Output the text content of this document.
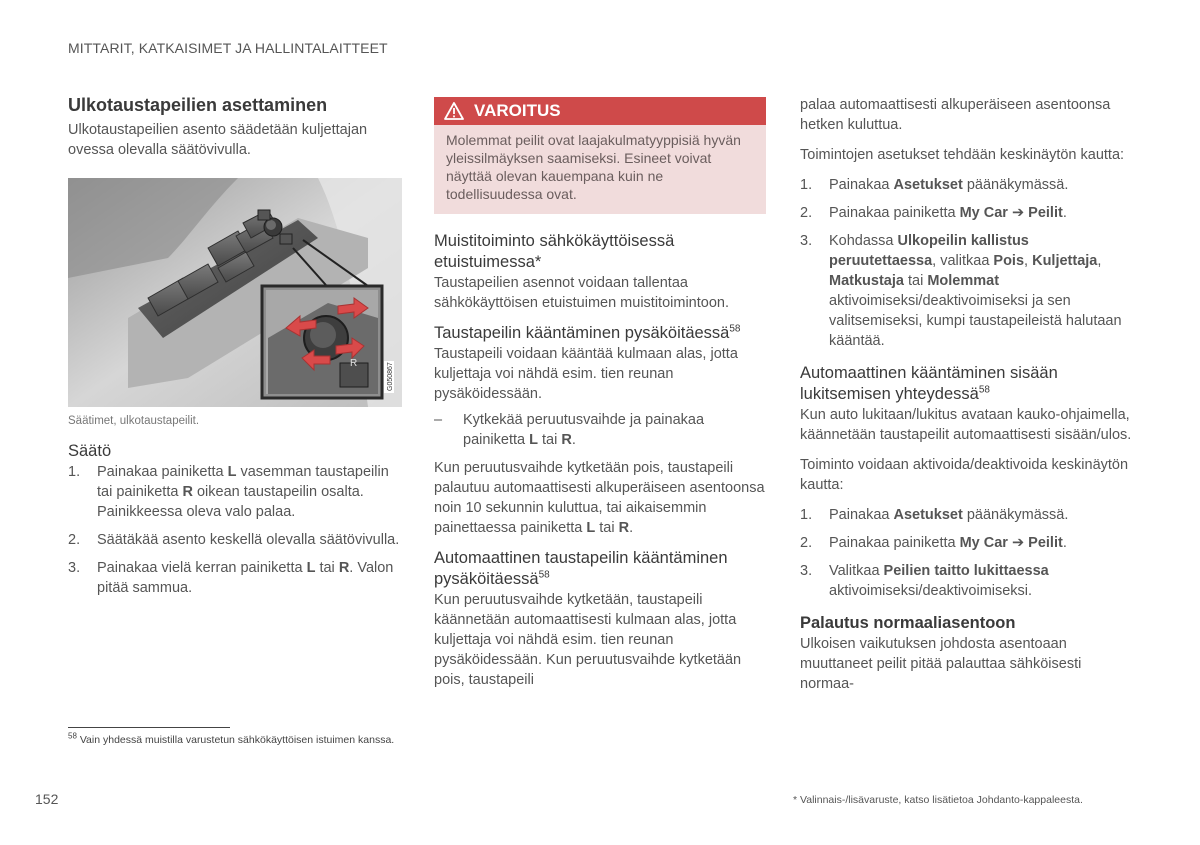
MITTARIT, KATKAISIMET JA HALLINTALAITTEET
Ulkotaustapeilien asettaminen

Ulkotaustapeilien asento säädetään kuljettajan ovessa olevalla säätövivulla.

R	G050867
Säätimet, ulkotaustapeilit.
Säätö
1. Painakaa painiketta L vasemman taustapeilin tai painiketta R oikean taustapeilin osalta. Painikkeessa oleva valo palaa.
2. Säätäkää asento keskellä olevalla säätövivulla.
3. Painakaa vielä kerran painiketta L tai R. Valon pitää sammua.
VAROITUS
Molemmat peilit ovat laajakulmatyyppisiä hyvän yleissilmäyksen saamiseksi. Esineet voivat näyttää olevan kauempana kuin ne todellisuudessa ovat.
Muistitoiminto sähkökäyttöisessä etuistuimessa*

Taustapeilien asennot voidaan tallentaa sähkökäyttöisen etuistuimen muistitoimintoon.

Taustapeilin kääntäminen pysäköitäessä$^{58}$

Taustapeili voidaan kääntää kulmaan alas, jotta kuljettaja voi nähdä esim. tien reunan pysäköidessään.

– Kytkekää peruutusvaihde ja painakaa painiketta L tai R.

Kun peruutusvaihde kytketään pois, taustapeili palautuu automaattisesti alkuperäiseen asentoonsa noin 10 sekunnin kuluttua, tai aikaisemmin painettaessa painiketta L tai R.

Automaattinen taustapeilin kääntäminen pysäköitäessä$^{58}$

Kun peruutusvaihde kytketään, taustapeili käännetään automaattisesti kulmaan alas, jotta kuljettaja voi nähdä esim. tien reunan pysäköidessään. Kun peruutusvaihde kytketään pois, taustapeili

palaa automaattisesti alkuperäiseen asentoonsa hetken kuluttua.

Toimintojen asetukset tehdään keskinäytön kautta:

1. Painakaa Asetukset päänäkymässä.
2. Painakaa painiketta My Car ➔ Peilit.
3. Kohdassa Ulkopeilin kallistus peruutettaessa, valitkaa Pois, Kuljettaja, Matkustaja tai Molemmat aktivoimiseksi/deaktivoimiseksi ja sen valitsemiseksi, kumpi taustapeileistä halutaan kääntää.
Automaattinen kääntäminen sisään lukitsemisen yhteydessä$^{58}$

Kun auto lukitaan/lukitus avataan kauko-ohjaimella, käännetään taustapeilit automaattisesti sisään/ulos.

Toiminto voidaan aktivoida/deaktivoida keskinäytön kautta:

1. Painakaa Asetukset päänäkymässä.
2. Painakaa painiketta My Car ➔ Peilit.
3. Valitkaa Peilien taitto lukittaessa aktivoimiseksi/deaktivoimiseksi.
Palautus normaaliasentoon

Ulkoisen vaikutuksen johdosta asentoaan muuttaneet peilit pitää palauttaa sähköisesti normaa-

$^{58}$ Vain yhdessä muistilla varustetun sähkökäyttöisen istuimen kanssa.
152	* Valinnais-/lisävaruste, katso lisätietoa Johdanto-kappaleesta.
